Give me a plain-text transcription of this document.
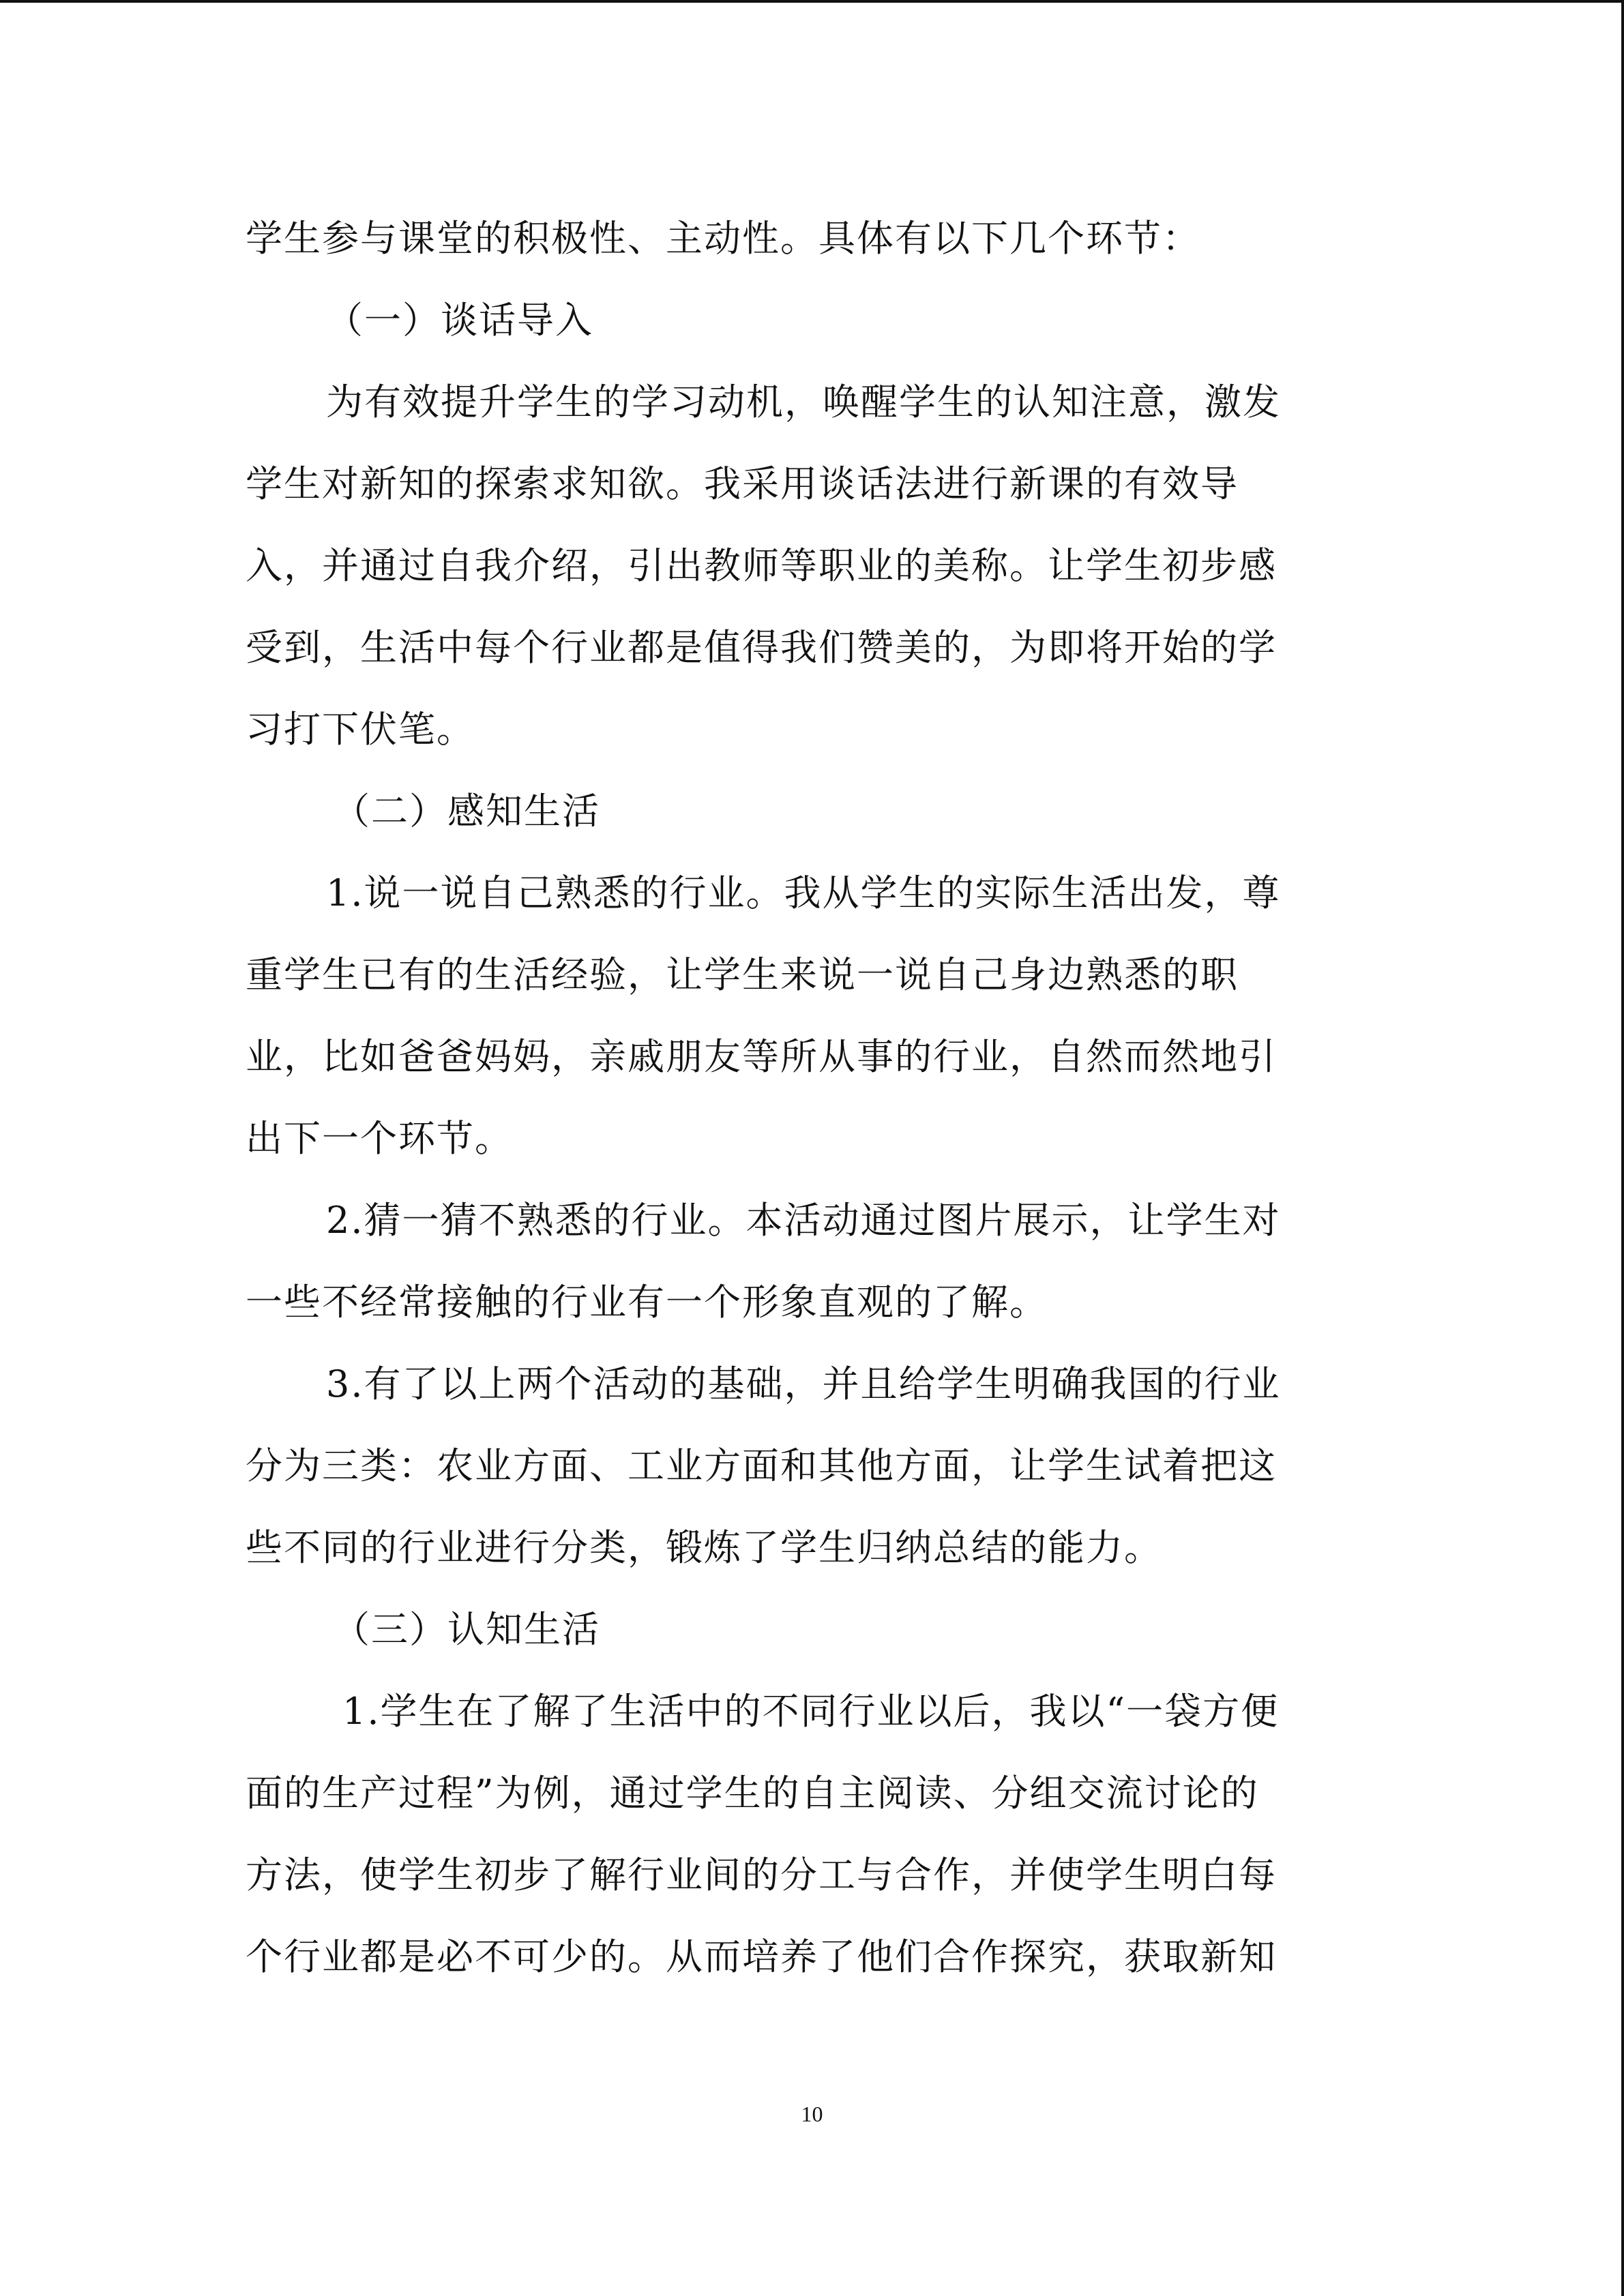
学生参与课堂的积极性、主动性。具体有以下几个环节：
（一）谈话导入
为有效提升学生的学习动机，唤醒学生的认知注意，激发
学生对新知的探索求知欲。我采用谈话法进行新课的有效导
入，并通过自我介绍，引出教师等职业的美称。让学生初步感
受到，生活中每个行业都是值得我们赞美的，为即将开始的学
习打下伏笔。
（二）感知生活
1.说一说自己熟悉的行业。我从学生的实际生活出发，尊
重学生已有的生活经验，让学生来说一说自己身边熟悉的职
业，比如爸爸妈妈，亲戚朋友等所从事的行业，自然而然地引
出下一个环节。
2.猜一猜不熟悉的行业。本活动通过图片展示，让学生对
一些不经常接触的行业有一个形象直观的了解。
3.有了以上两个活动的基础，并且给学生明确我国的行业
分为三类：农业方面、工业方面和其他方面，让学生试着把这
些不同的行业进行分类，锻炼了学生归纳总结的能力。
（三）认知生活
1.学生在了解了生活中的不同行业以后，我以“一袋方便
面的生产过程”为例，通过学生的自主阅读、分组交流讨论的
方法，使学生初步了解行业间的分工与合作，并使学生明白每
个行业都是必不可少的。从而培养了他们合作探究，获取新知
10
